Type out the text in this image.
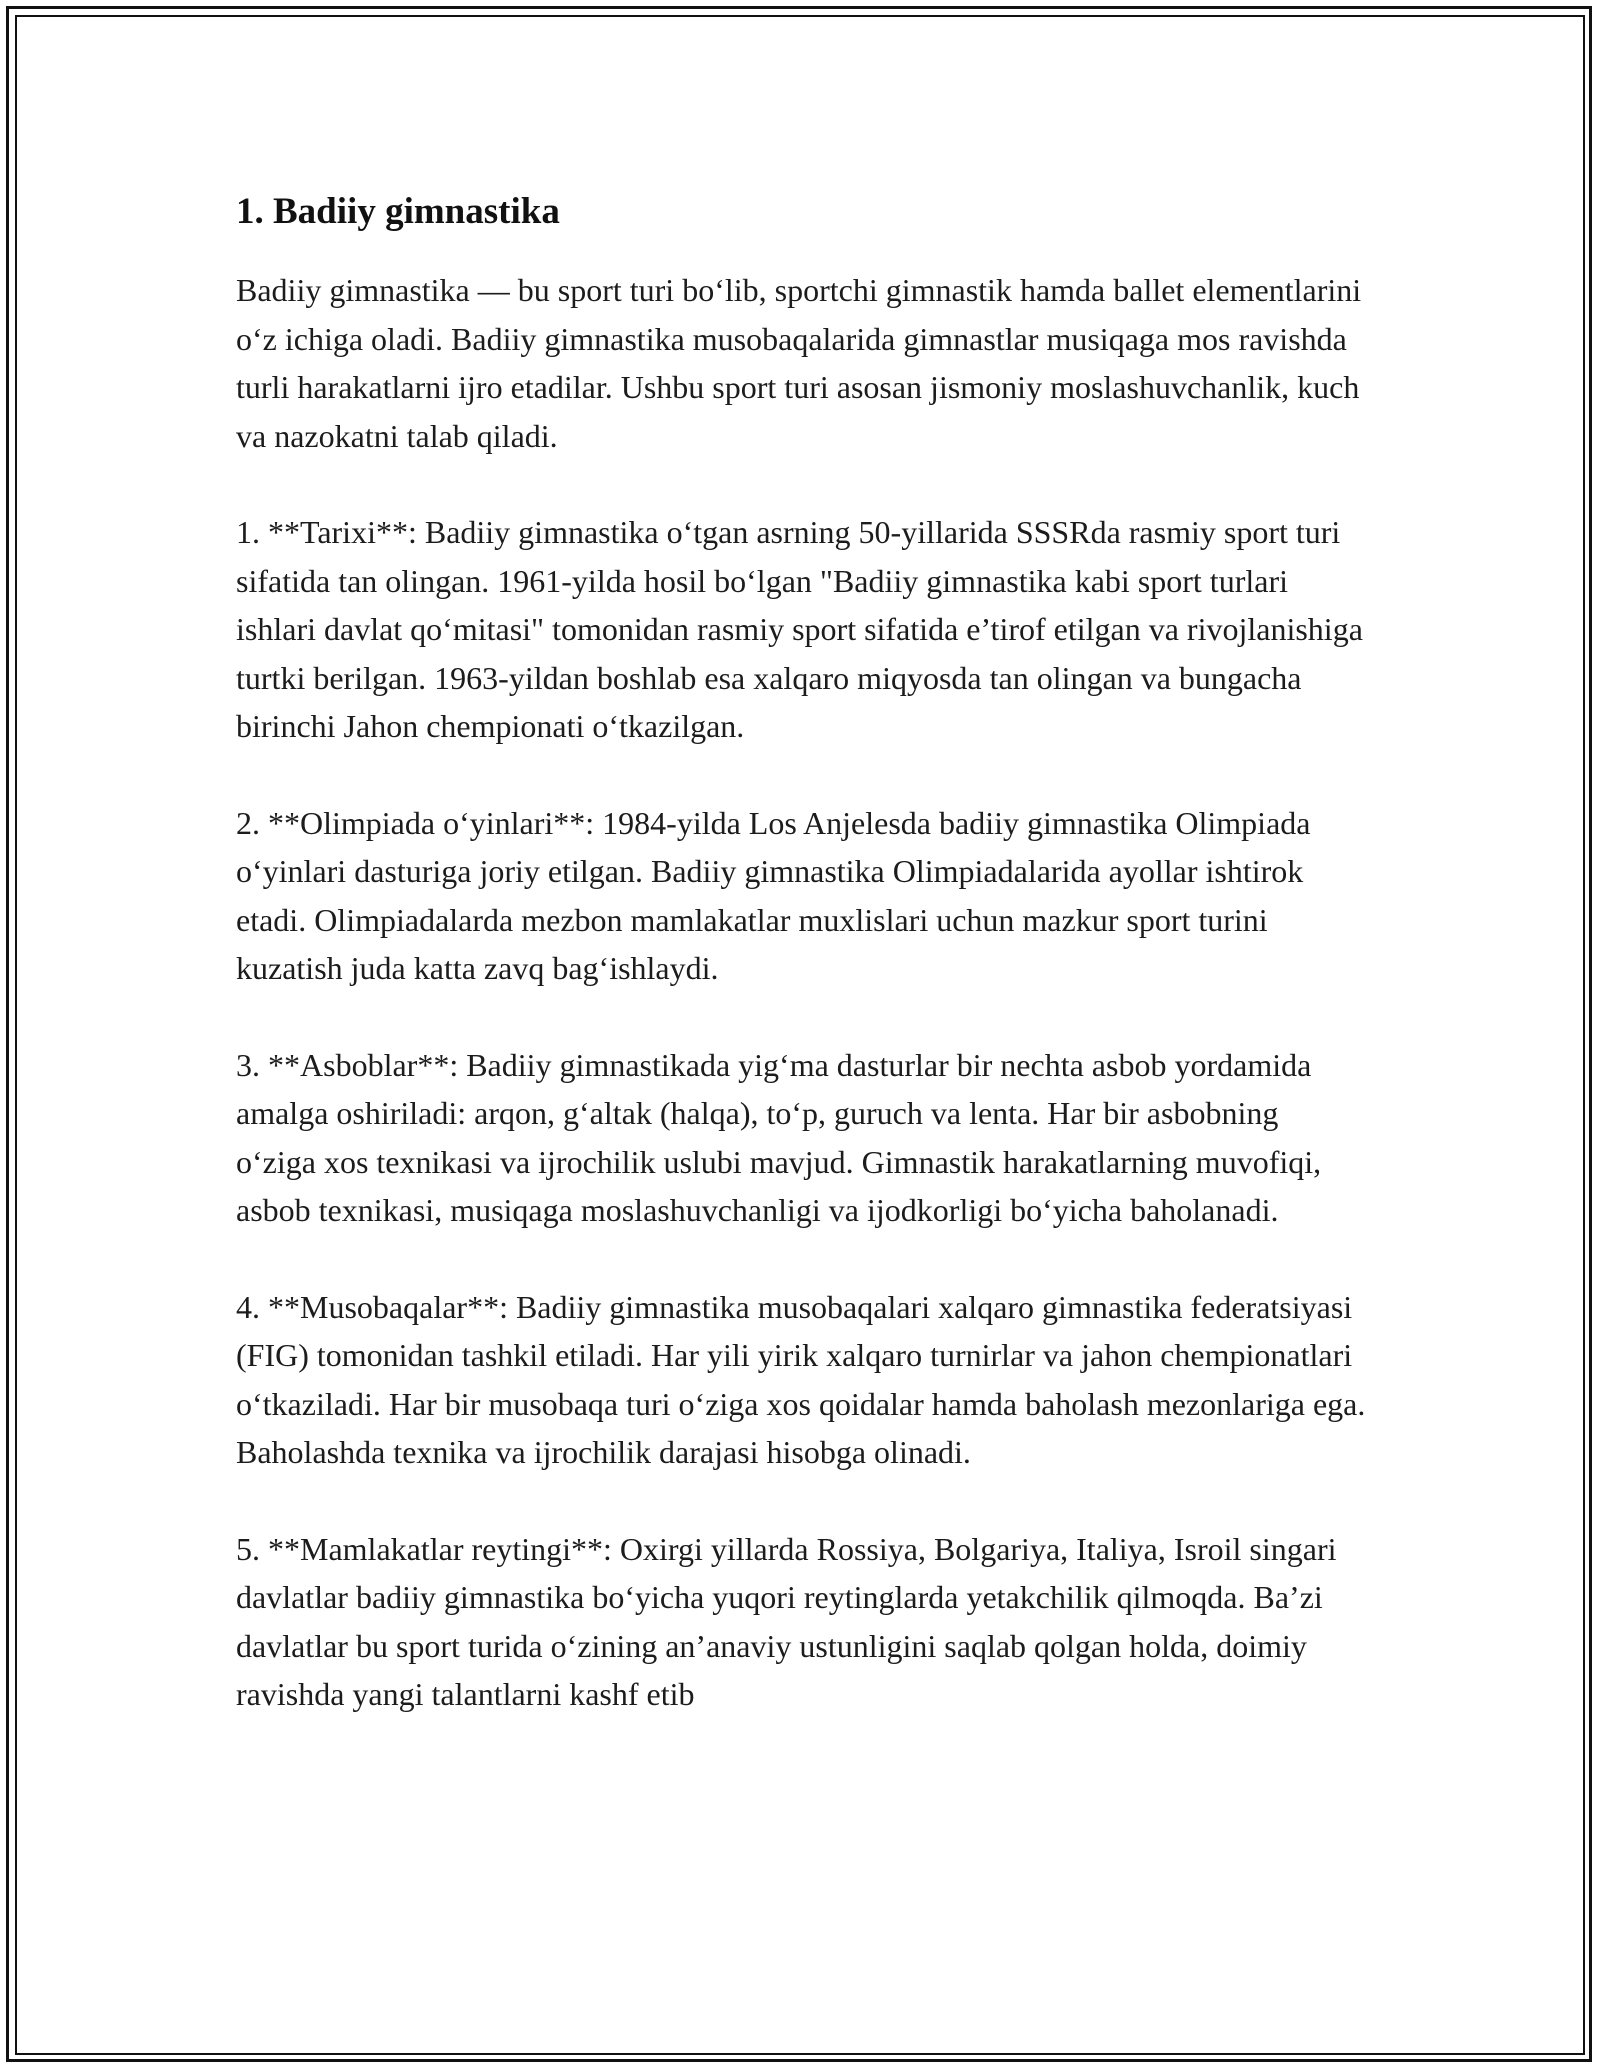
1. Badiiy gimnastika

Badiiy gimnastika — bu sport turi bo‘lib, sportchi gimnastik hamda ballet elementlarini o‘z ichiga oladi. Badiiy gimnastika musobaqalarida gimnastlar musiqaga mos ravishda turli harakatlarni ijro etadilar. Ushbu sport turi asosan jismoniy moslashuvchanlik, kuch va nazokatni talab qiladi.

1. **Tarixi**: Badiiy gimnastika o‘tgan asrning 50-yillarida SSSRda rasmiy sport turi sifatida tan olingan. 1961-yilda hosil bo‘lgan "Badiiy gimnastika kabi sport turlari ishlari davlat qo‘mitasi" tomonidan rasmiy sport sifatida e’tirof etilgan va rivojlanishiga turtki berilgan. 1963-yildan boshlab esa xalqaro miqyosda tan olingan va bungacha birinchi Jahon chempionati o‘tkazilgan.

2. **Olimpiada o‘yinlari**: 1984-yilda Los Anjelesda badiiy gimnastika Olimpiada o‘yinlari dasturiga joriy etilgan. Badiiy gimnastika Olimpiadalarida ayollar ishtirok etadi. Olimpiadalarda mezbon mamlakatlar muxlislari uchun mazkur sport turini kuzatish juda katta zavq bag‘ishlaydi.

3. **Asboblar**: Badiiy gimnastikada yig‘ma dasturlar bir nechta asbob yordamida amalga oshiriladi: arqon, g‘altak (halqa), to‘p, guruch va lenta. Har bir asbobning o‘ziga xos texnikasi va ijrochilik uslubi mavjud. Gimnastik harakatlarning muvofiqi, asbob texnikasi, musiqaga moslashuvchanligi va ijodkorligi bo‘yicha baholanadi.

4. **Musobaqalar**: Badiiy gimnastika musobaqalari xalqaro gimnastika federatsiyasi (FIG) tomonidan tashkil etiladi. Har yili yirik xalqaro turnirlar va jahon chempionatlari o‘tkaziladi. Har bir musobaqa turi o‘ziga xos qoidalar hamda baholash mezonlariga ega. Baholashda texnika va ijrochilik darajasi hisobga olinadi.

5. **Mamlakatlar reytingi**: Oxirgi yillarda Rossiya, Bolgariya, Italiya, Isroil singari davlatlar badiiy gimnastika bo‘yicha yuqori reytinglarda yetakchilik qilmoqda. Ba’zi davlatlar bu sport turida o‘zining an’anaviy ustunligini saqlab qolgan holda, doimiy ravishda yangi talantlarni kashf etib
